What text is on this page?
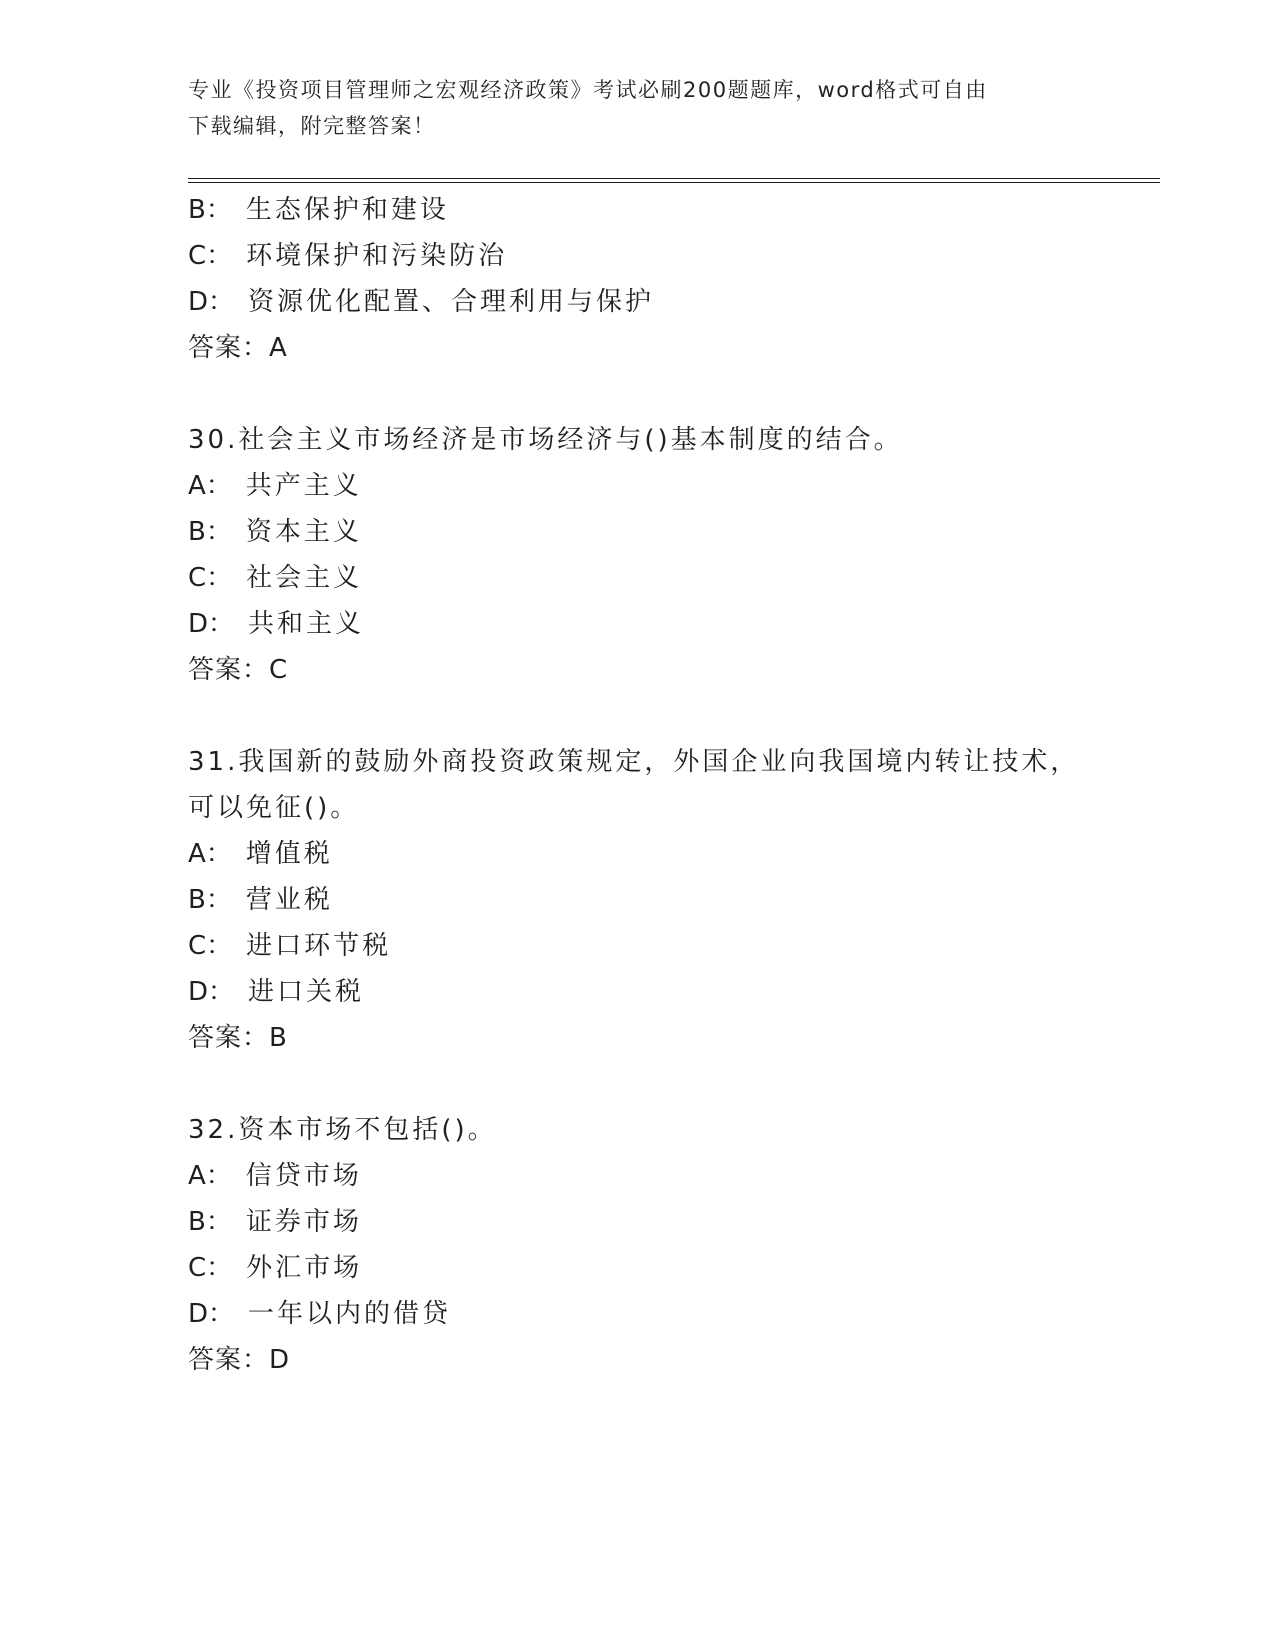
专业《投资项目管理师之宏观经济政策》考试必刷200题题库，word格式可自由
下载编辑，附完整答案！
B： 生态保护和建设
C： 环境保护和污染防治
D： 资源优化配置、合理利用与保护
答案：A
30.社会主义市场经济是市场经济与()基本制度的结合。
A： 共产主义
B： 资本主义
C： 社会主义
D： 共和主义
答案：C
31.我国新的鼓励外商投资政策规定，外国企业向我国境内转让技术，
可以免征()。
A： 增值税
B： 营业税
C： 进口环节税
D： 进口关税
答案：B
32.资本市场不包括()。
A： 信贷市场
B： 证券市场
C： 外汇市场
D： 一年以内的借贷
答案：D
